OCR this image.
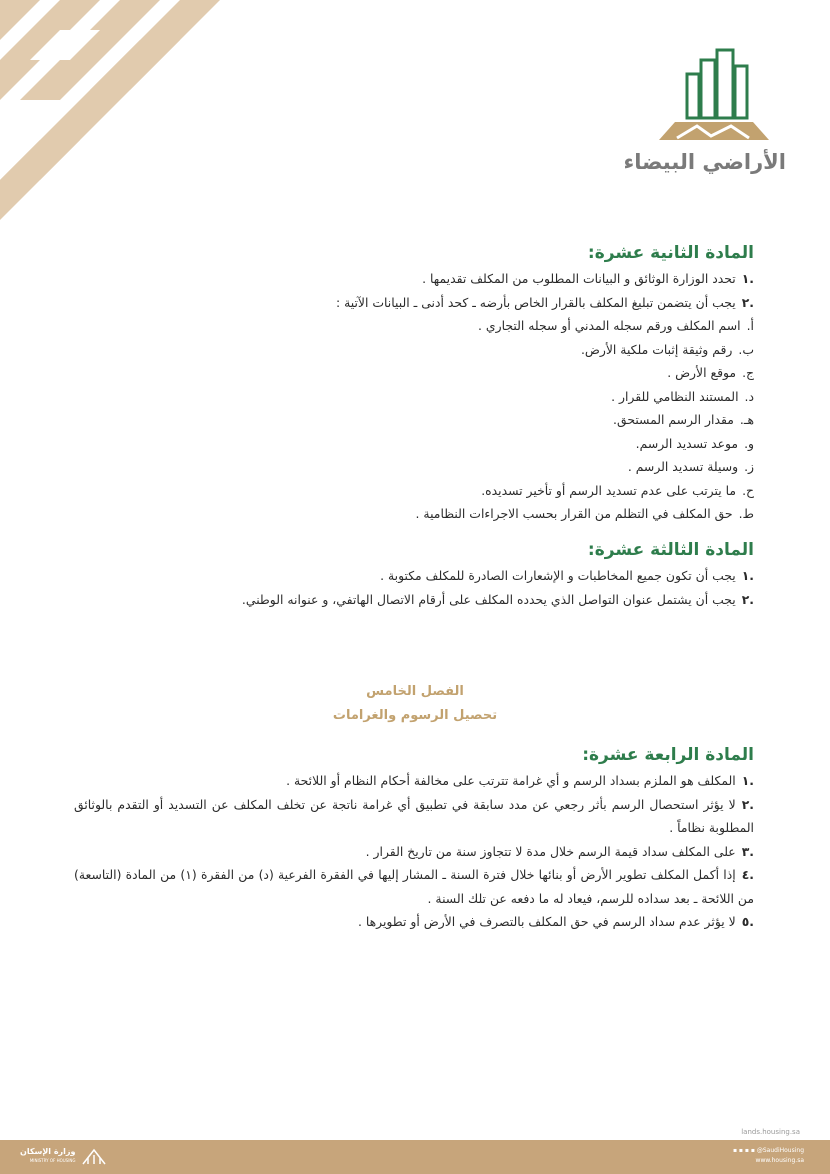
الأراضي البيضاء
المادة الثانية عشرة:
.١تحدد الوزارة الوثائق و البيانات المطلوب من المكلف تقديمها .
.٢يجب أن يتضمن تبليغ المكلف بالقرار الخاص بأرضه ـ كحد أدنى ـ البيانات الآتية :
أ.اسم المكلف ورقم سجله المدني أو سجله التجاري .
ب.رقم وثيقة إثبات ملكية الأرض.
ج.موقع الأرض .
د.المستند النظامي للقرار .
هـ.مقدار الرسم المستحق.
و.موعد تسديد الرسم.
ز.وسيلة تسديد الرسم .
ح.ما يترتب على عدم تسديد الرسم أو تأخير تسديده.
ط.حق المكلف في التظلم من القرار بحسب الاجراءات النظامية .
المادة الثالثة عشرة:
.١يجب أن تكون جميع المخاطبات و الإشعارات الصادرة للمكلف مكتوبة .
.٢يجب أن يشتمل عنوان التواصل الذي يحدده المكلف على أرقام الاتصال الهاتفي، و عنوانه الوطني.
الفصل الخامس
تحصيل الرسوم والغرامات
المادة الرابعة عشرة:
.١المكلف هو الملزم بسداد الرسم و أي غرامة تترتب على مخالفة أحكام النظام أو اللائحة .
.٢لا يؤثر استحصال الرسم بأثر رجعي عن مدد سابقة في تطبيق أي غرامة ناتجة عن تخلف المكلف عن التسديد أو التقدم بالوثائق المطلوبة نظاماً .
.٣على المكلف سداد قيمة الرسم خلال مدة لا تتجاوز سنة من تاريخ القرار .
.٤إذا أكمل المكلف تطوير الأرض أو بنائها خلال فترة السنة ـ المشار إليها في الفقرة الفرعية (د) من الفقرة (١) من المادة (التاسعة) من اللائحة ـ بعد سداده للرسم، فيعاد له ما دفعه عن تلك السنة .
.٥لا يؤثر عدم سداد الرسم في حق المكلف بالتصرف في الأرض أو تطويرها .
lands.housing.sa
وزارة الإسكان
MINISTRY OF HOUSING
▪ ▪ ▪ ▪ @SaudiHousing
www.housing.sa
